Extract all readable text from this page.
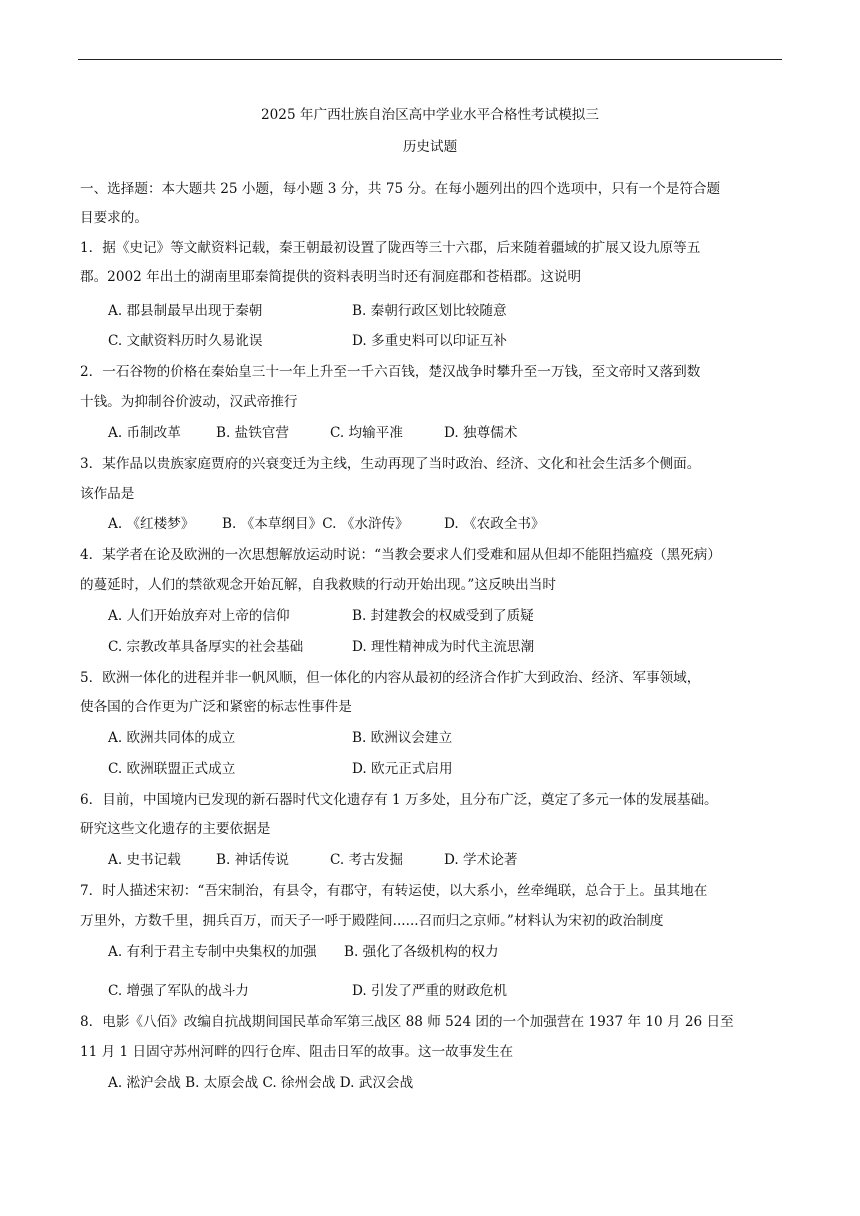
2025 年广西壮族自治区高中学业水平合格性考试模拟三
历史试题
一、选择题：本大题共 25 小题，每小题 3 分，共 75 分。在每小题列出的四个选项中，只有一个是符合题
目要求的。
1．据《史记》等文献资料记载，秦王朝最初设置了陇西等三十六郡，后来随着疆域的扩展又设九原等五
郡。2002 年出土的湖南里耶秦简提供的资料表明当时还有洞庭郡和苍梧郡。这说明
A. 郡县制最早出现于秦朝	B. 秦朝行政区划比较随意
C. 文献资料历时久易讹误	D. 多重史料可以印证互补
2．一石谷物的价格在秦始皇三十一年上升至一千六百钱，楚汉战争时攀升至一万钱，至文帝时又落到数
十钱。为抑制谷价波动，汉武帝推行
A. 币制改革	B. 盐铁官营	C. 均输平准	D. 独尊儒术
3．某作品以贵族家庭贾府的兴衰变迁为主线，生动再现了当时政治、经济、文化和社会生活多个侧面。
该作品是
A. 《红楼梦》 B. 《本草纲目》C. 《水浒传》	D. 《农政全书》
4．某学者在论及欧洲的一次思想解放运动时说：“当教会要求人们受难和屈从但却不能阻挡瘟疫（黑死病）
的蔓延时，人们的禁欲观念开始瓦解，自我救赎的行动开始出现。”这反映出当时
A. 人们开始放弃对上帝的信仰	B. 封建教会的权威受到了质疑
C. 宗教改革具备厚实的社会基础	D. 理性精神成为时代主流思潮
5．欧洲一体化的进程并非一帆风顺，但一体化的内容从最初的经济合作扩大到政治、经济、军事领域，
使各国的合作更为广泛和紧密的标志性事件是
A. 欧洲共同体的成立	B. 欧洲议会建立
C. 欧洲联盟正式成立	D. 欧元正式启用
6．目前，中国境内已发现的新石器时代文化遗存有 1 万多处，且分布广泛，奠定了多元一体的发展基础。
研究这些文化遗存的主要依据是
A. 史书记载	B. 神话传说	C. 考古发掘	D. 学术论著
7．时人描述宋初：“吾宋制治，有县令，有郡守，有转运使，以大系小，丝牵绳联，总合于上。虽其地在
万里外，方数千里，拥兵百万，而天子一呼于殿陛间......召而归之京师。”材料认为宋初的政治制度
A. 有利于君主专制中央集权的加强 B. 强化了各级机构的权力
C. 增强了军队的战斗力	D. 引发了严重的财政危机
8．电影《八佰》改编自抗战期间国民革命军第三战区 88 师 524 团的一个加强营在 1937 年 10 月 26 日至
11 月 1 日固守苏州河畔的四行仓库、阻击日军的故事。这一故事发生在
A. 淞沪会战 B. 太原会战 C. 徐州会战 D. 武汉会战
